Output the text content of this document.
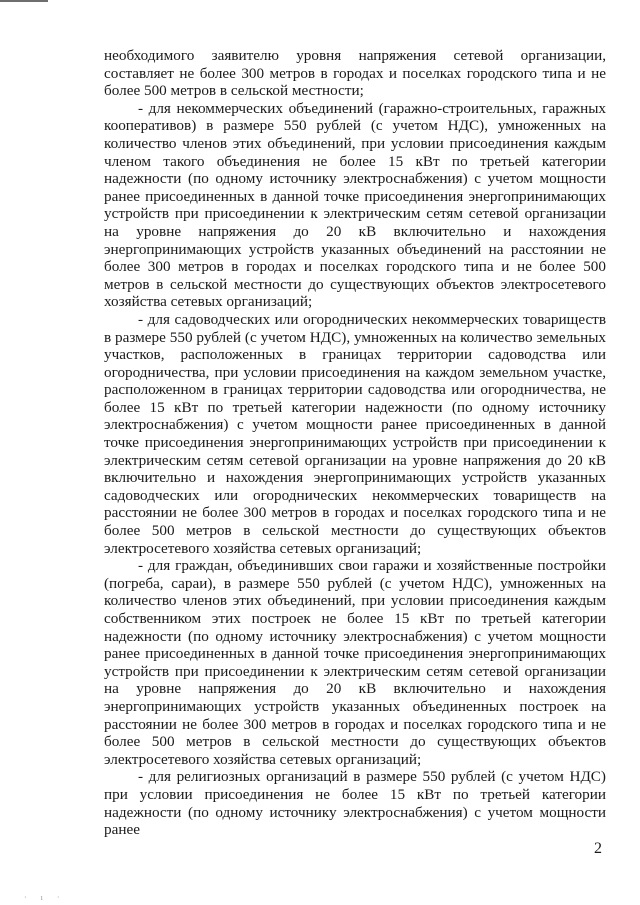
необходимого заявителю уровня напряжения сетевой организации, составляет не более 300 метров в городах и поселках городского типа и не более 500 метров в сельской местности;

- для некоммерческих объединений (гаражно-строительных, гаражных кооперативов) в размере 550 рублей (с учетом НДС), умноженных на количество членов этих объединений, при условии присоединения каждым членом такого объединения не более 15 кВт по третьей категории надежности (по одному источнику электроснабжения) с учетом мощности ранее присоединенных в данной точке присоединения энергопринимающих устройств при присоединении к электрическим сетям сетевой организации на уровне напряжения до 20 кВ включительно и нахождения энергопринимающих устройств указанных объединений на расстоянии не более 300 метров в городах и поселках городского типа и не более 500 метров в сельской местности до существующих объектов электросетевого хозяйства сетевых организаций;

- для садоводческих или огороднических некоммерческих товариществ в размере 550 рублей (с учетом НДС), умноженных на количество земельных участков, расположенных в границах территории садоводства или огородничества, при условии присоединения на каждом земельном участке, расположенном в границах территории садоводства или огородничества, не более 15 кВт по третьей категории надежности (по одному источнику электроснабжения) с учетом мощности ранее присоединенных в данной точке присоединения энергопринимающих устройств при присоединении к электрическим сетям сетевой организации на уровне напряжения до 20 кВ включительно и нахождения энергопринимающих устройств указанных садоводческих или огороднических некоммерческих товариществ на расстоянии не более 300 метров в городах и поселках городского типа и не более 500 метров в сельской местности до существующих объектов электросетевого хозяйства сетевых организаций;

- для граждан, объединивших свои гаражи и хозяйственные постройки (погреба, сараи), в размере 550 рублей (с учетом НДС), умноженных на количество членов этих объединений, при условии присоединения каждым собственником этих построек не более 15 кВт по третьей категории надежности (по одному источнику электроснабжения) с учетом мощности ранее присоединенных в данной точке присоединения энергопринимающих устройств при присоединении к электрическим сетям сетевой организации на уровне напряжения до 20 кВ включительно и нахождения энергопринимающих устройств указанных объединенных построек на расстоянии не более 300 метров в городах и поселках городского типа и не более 500 метров в сельской местности до существующих объектов электросетевого хозяйства сетевых организаций;

- для религиозных организаций в размере 550 рублей (с учетом НДС) при условии присоединения не более 15 кВт по третьей категории надежности (по одному источнику электроснабжения) с учетом мощности ранее

2
· ı ·
